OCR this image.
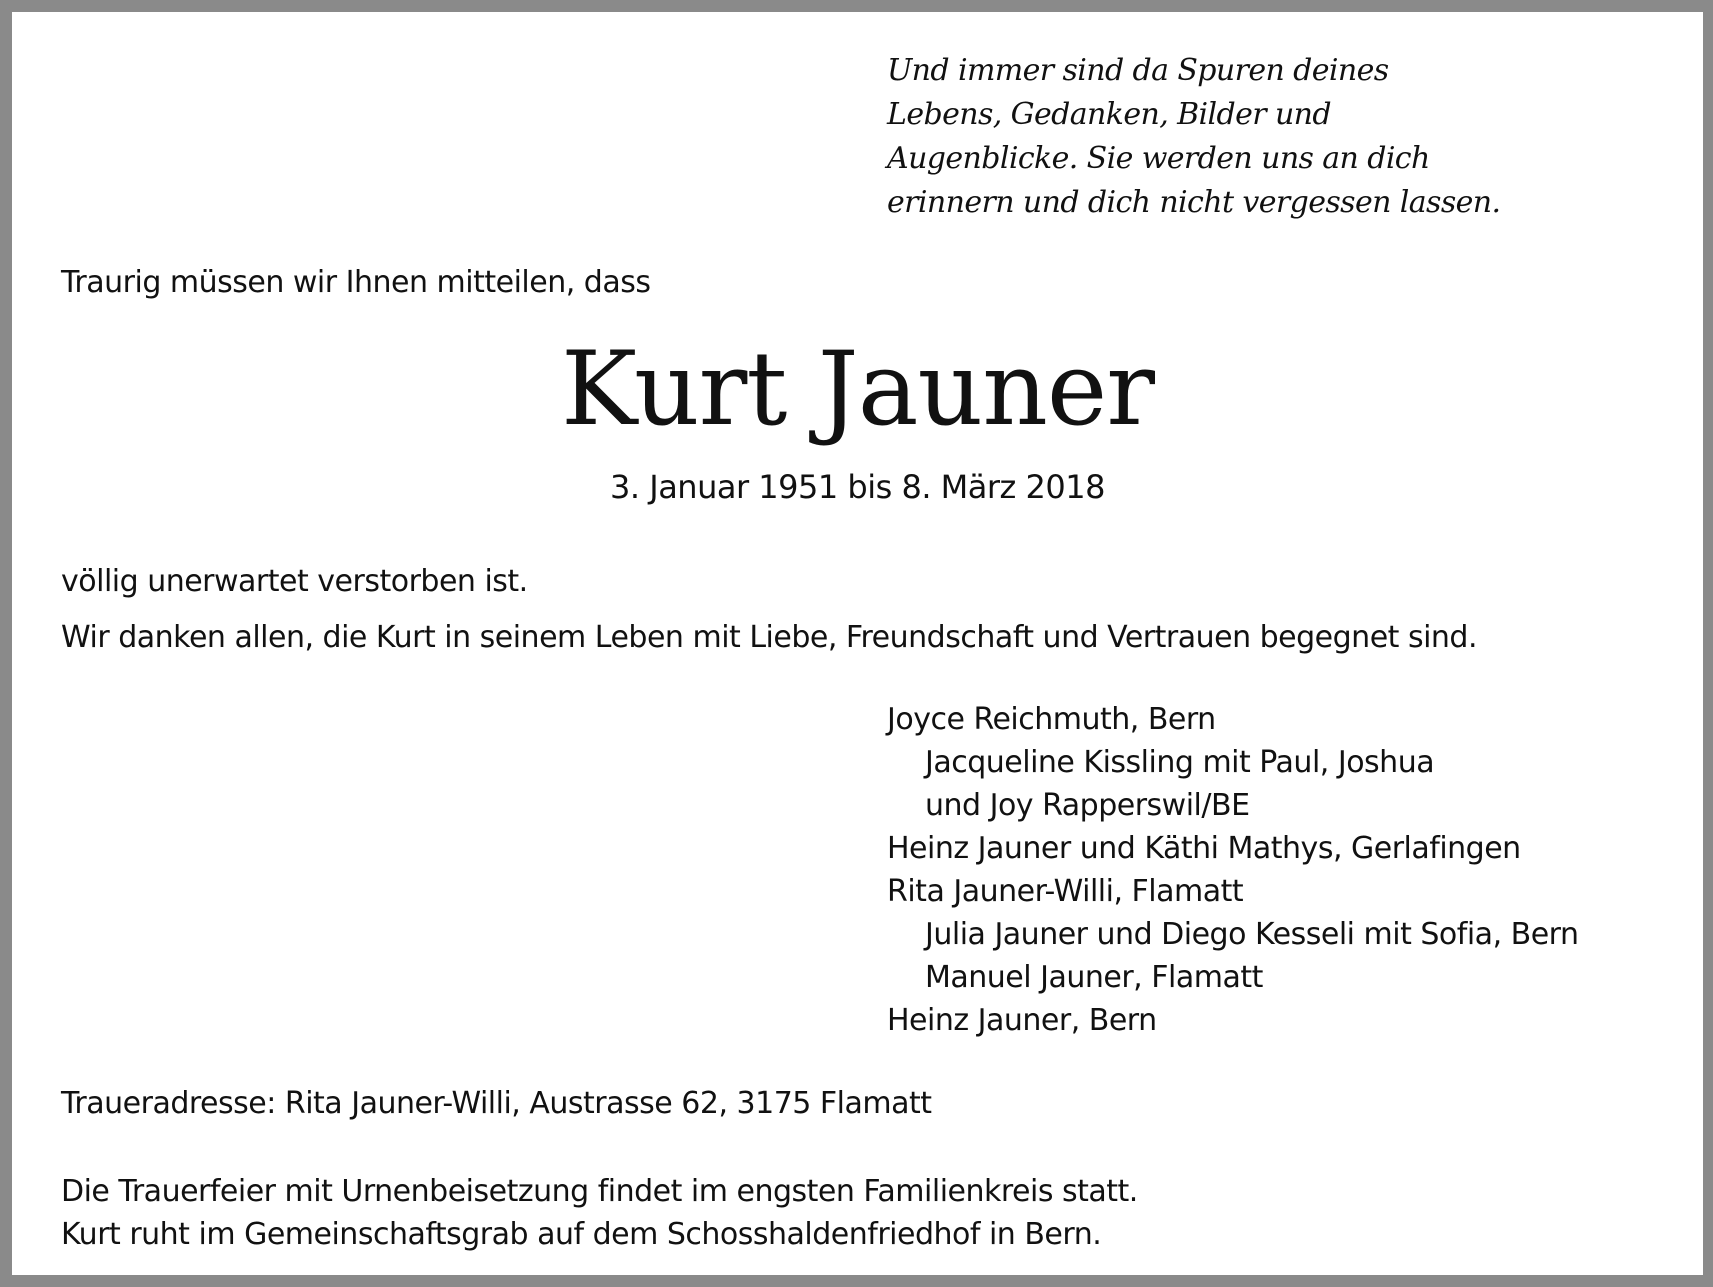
Und immer sind da Spuren deines
Lebens, Gedanken, Bilder und
Augenblicke. Sie werden uns an dich
erinnern und dich nicht vergessen lassen.
Traurig müssen wir Ihnen mitteilen, dass
Kurt Jauner
3. Januar 1951 bis 8. März 2018
völlig unerwartet verstorben ist.
Wir danken allen, die Kurt in seinem Leben mit Liebe, Freundschaft und Vertrauen begegnet sind.
Joyce Reichmuth, Bern
Jacqueline Kissling mit Paul, Joshua
und Joy Rapperswil/BE
Heinz Jauner und Käthi Mathys, Gerlafingen
Rita Jauner-Willi, Flamatt
Julia Jauner und Diego Kesseli mit Sofia, Bern
Manuel Jauner, Flamatt
Heinz Jauner, Bern
Traueradresse: Rita Jauner-Willi, Austrasse 62, 3175 Flamatt
Die Trauerfeier mit Urnenbeisetzung findet im engsten Familienkreis statt.
Kurt ruht im Gemeinschaftsgrab auf dem Schosshaldenfriedhof in Bern.
